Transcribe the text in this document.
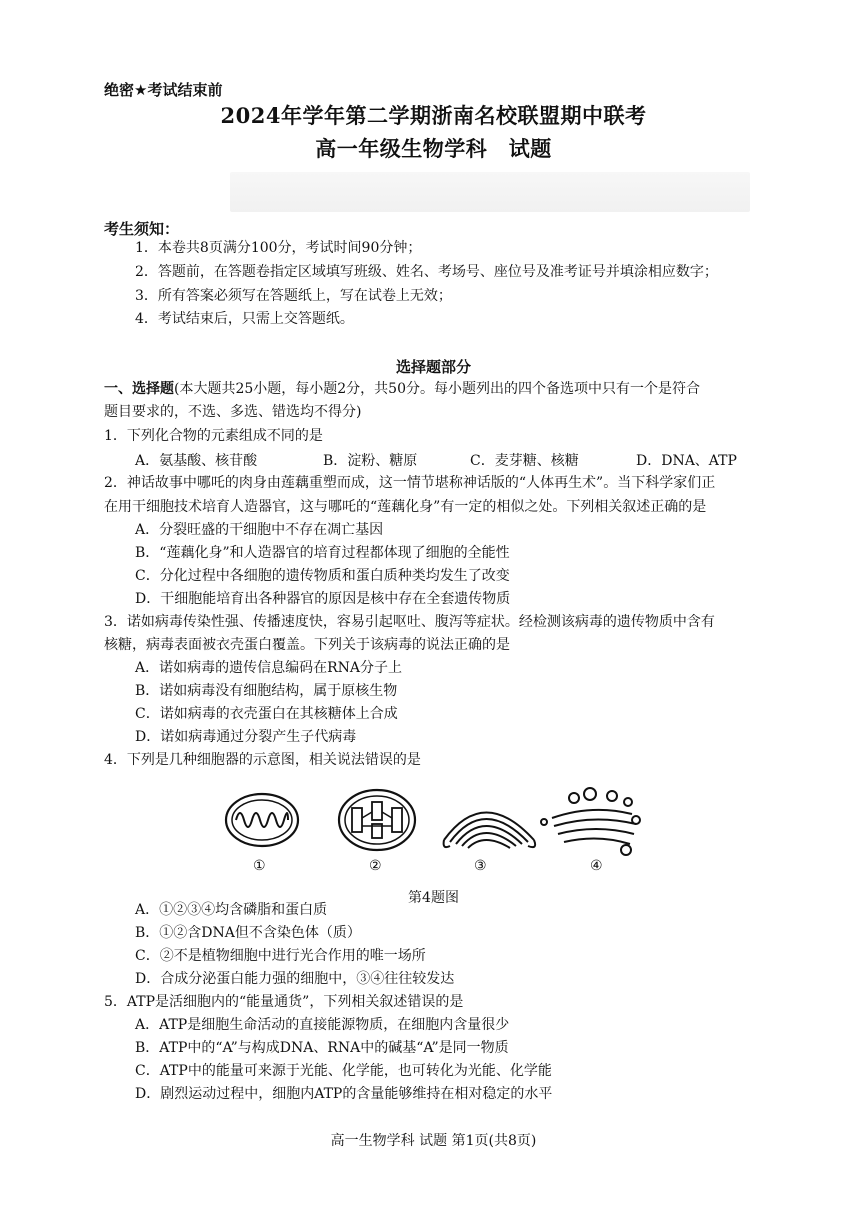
绝密★考试结束前
2024年学年第二学期浙南名校联盟期中联考
高一年级生物学科　试题
考生须知：
1．本卷共8页满分100分，考试时间90分钟；
2．答题前，在答题卷指定区域填写班级、姓名、考场号、座位号及准考证号并填涂相应数字；
3．所有答案必须写在答题纸上，写在试卷上无效；
4．考试结束后，只需上交答题纸。
选择题部分
一、选择题(本大题共25小题，每小题2分，共50分。每小题列出的四个备选项中只有一个是符合
题目要求的，不选、多选、错选均不得分)
1．下列化合物的元素组成不同的是
A．氨基酸、核苷酸	B．淀粉、糖原	C．麦芽糖、核糖	D．DNA、ATP
2．神话故事中哪吒的肉身由莲藕重塑而成，这一情节堪称神话版的“人体再生术”。当下科学家们正
在用干细胞技术培育人造器官，这与哪吒的“莲藕化身”有一定的相似之处。下列相关叙述正确的是
A．分裂旺盛的干细胞中不存在凋亡基因
B．“莲藕化身”和人造器官的培育过程都体现了细胞的全能性
C．分化过程中各细胞的遗传物质和蛋白质种类均发生了改变
D．干细胞能培育出各种器官的原因是核中存在全套遗传物质
3．诺如病毒传染性强、传播速度快，容易引起呕吐、腹泻等症状。经检测该病毒的遗传物质中含有
核糖，病毒表面被衣壳蛋白覆盖。下列关于该病毒的说法正确的是
A．诺如病毒的遗传信息编码在RNA分子上
B．诺如病毒没有细胞结构，属于原核生物
C．诺如病毒的衣壳蛋白在其核糖体上合成
D．诺如病毒通过分裂产生子代病毒
4．下列是几种细胞器的示意图，相关说法错误的是
①	②	③	④
第4题图
A．①②③④均含磷脂和蛋白质
B．①②含DNA但不含染色体（质）
C．②不是植物细胞中进行光合作用的唯一场所
D．合成分泌蛋白能力强的细胞中，③④往往较发达
5．ATP是活细胞内的“能量通货”，下列相关叙述错误的是
A．ATP是细胞生命活动的直接能源物质，在细胞内含量很少
B．ATP中的“A”与构成DNA、RNA中的碱基“A”是同一物质
C．ATP中的能量可来源于光能、化学能，也可转化为光能、化学能
D．剧烈运动过程中，细胞内ATP的含量能够维持在相对稳定的水平
高一生物学科 试题 第1页(共8页)
